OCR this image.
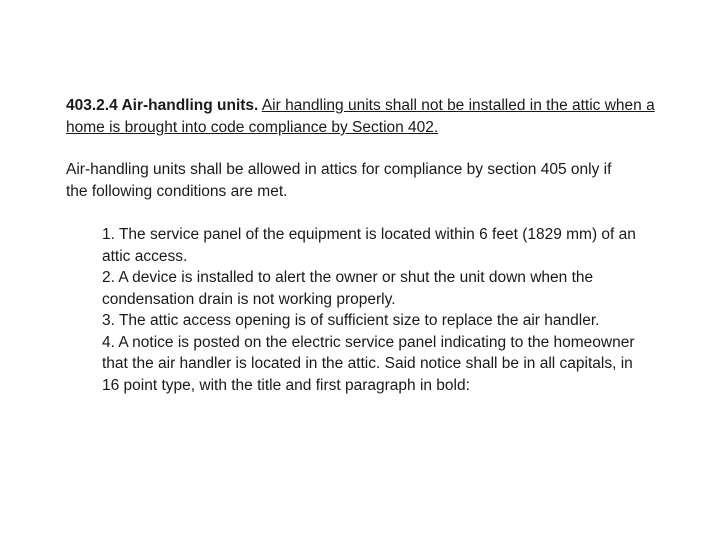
403.2.4 Air-handling units. Air handling units shall not be installed in the attic when a home is brought into code compliance by Section 402.
Air-handling units shall be allowed in attics for compliance by section 405 only if the following conditions are met.

1. The service panel of the equipment is located within 6 feet (1829 mm) of an attic access.

2. A device is installed to alert the owner or shut the unit down when the condensation drain is not working properly.

3. The attic access opening is of sufficient size to replace the air handler.

4. A notice is posted on the electric service panel indicating to the homeowner that the air handler is located in the attic. Said notice shall be in all capitals, in 16 point type, with the title and first paragraph in bold:
